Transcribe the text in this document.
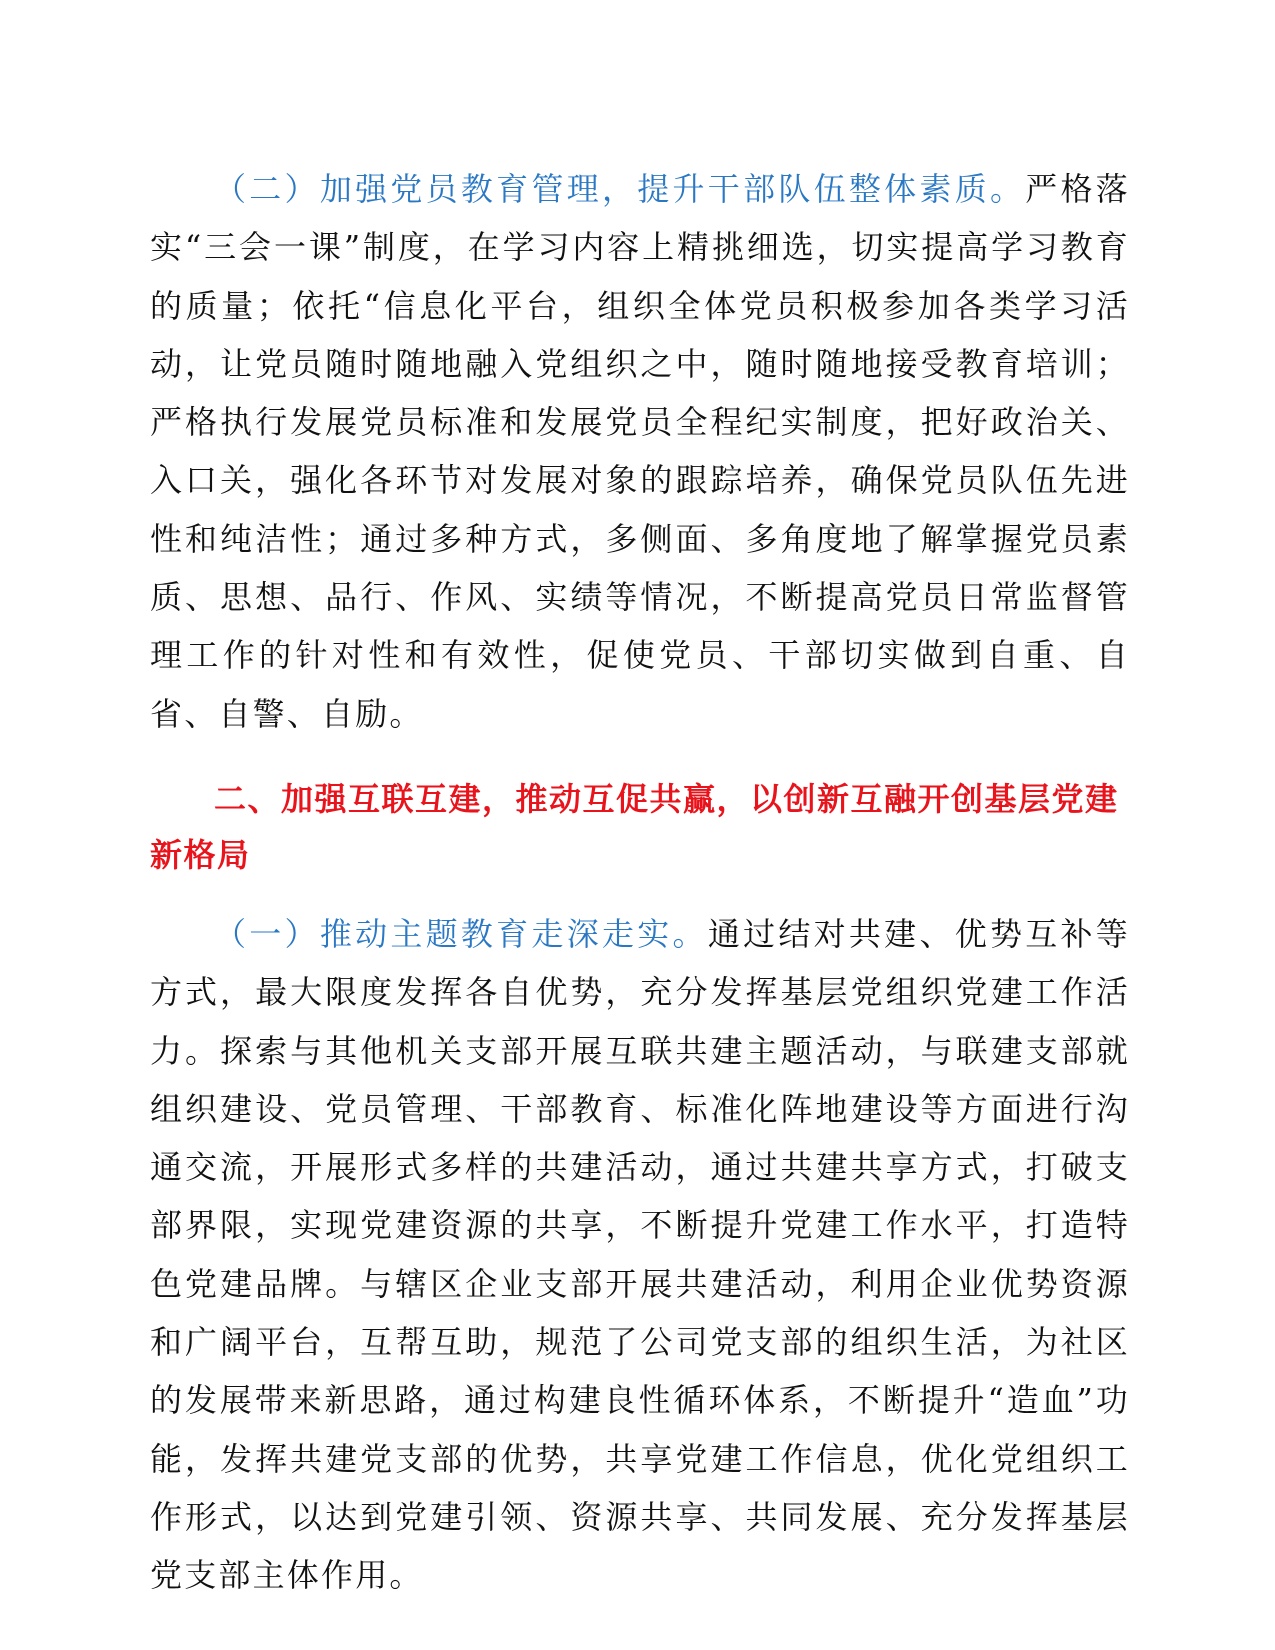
（二）加强党员教育管理，提升干部队伍整体素质。严格落实“三会一课”制度，在学习内容上精挑细选，切实提高学习教育的质量；依托“信息化平台，组织全体党员积极参加各类学习活动，让党员随时随地融入党组织之中，随时随地接受教育培训；严格执行发展党员标准和发展党员全程纪实制度，把好政治关、入口关，强化各环节对发展对象的跟踪培养，确保党员队伍先进性和纯洁性；通过多种方式，多侧面、多角度地了解掌握党员素质、思想、品行、作风、实绩等情况，不断提高党员日常监督管理工作的针对性和有效性，促使党员、干部切实做到自重、自省、自警、自励。

二、加强互联互建，推动互促共赢，以创新互融开创基层党建新格局

（一）推动主题教育走深走实。通过结对共建、优势互补等方式，最大限度发挥各自优势，充分发挥基层党组织党建工作活力。探索与其他机关支部开展互联共建主题活动，与联建支部就组织建设、党员管理、干部教育、标准化阵地建设等方面进行沟通交流，开展形式多样的共建活动，通过共建共享方式，打破支部界限，实现党建资源的共享，不断提升党建工作水平，打造特色党建品牌。与辖区企业支部开展共建活动，利用企业优势资源和广阔平台，互帮互助，规范了公司党支部的组织生活，为社区的发展带来新思路，通过构建良性循环体系，不断提升“造血”功能，发挥共建党支部的优势，共享党建工作信息，优化党组织工作形式，以达到党建引领、资源共享、共同发展、充分发挥基层党支部主体作用。
